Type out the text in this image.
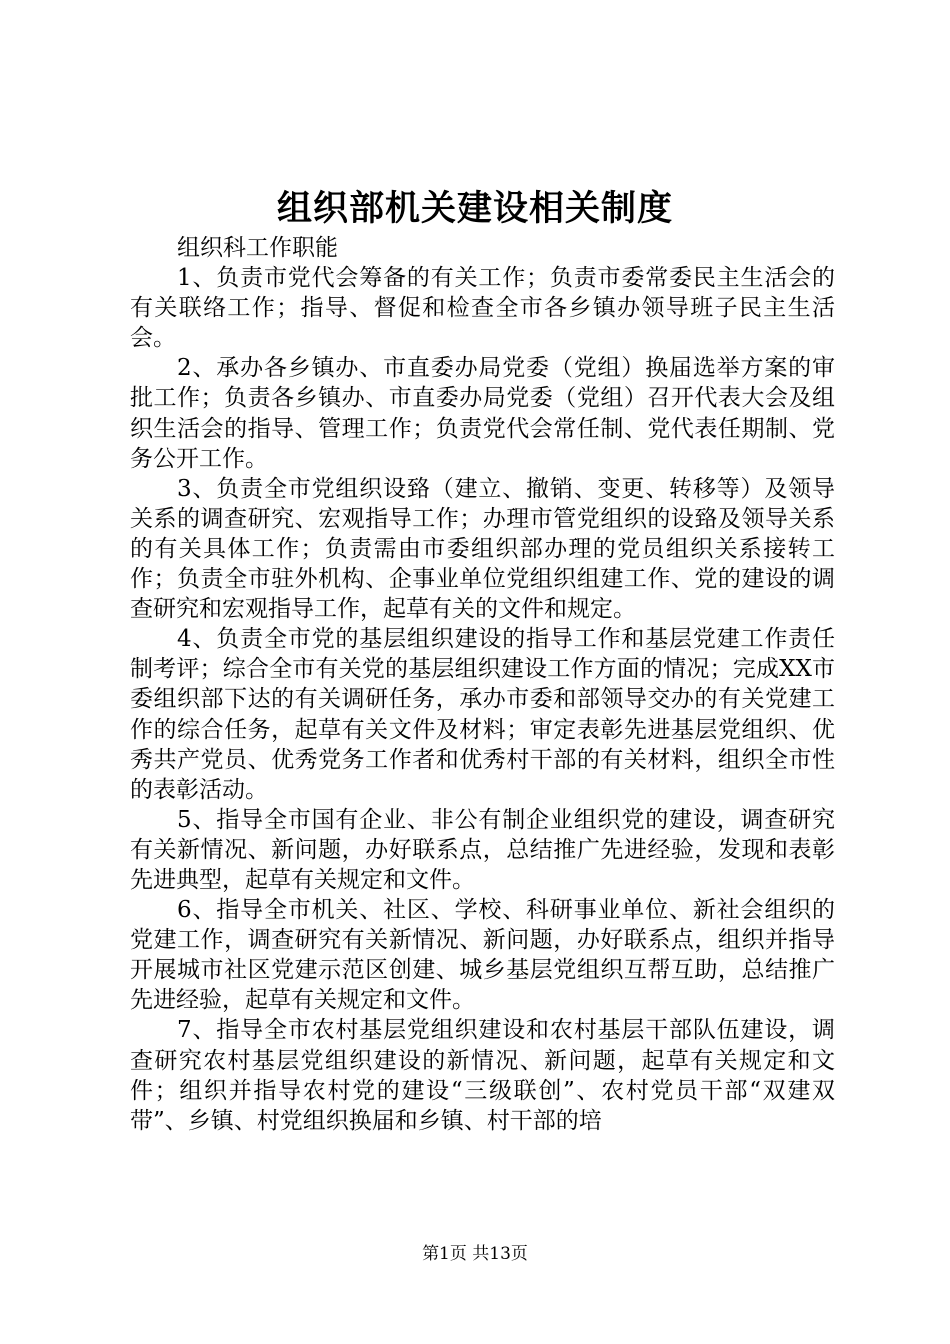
组织部机关建设相关制度

组织科工作职能

1、负责市党代会筹备的有关工作；负责市委常委民主生活会的有关联络工作；指导、督促和检查全市各乡镇办领导班子民主生活会。

2、承办各乡镇办、市直委办局党委（党组）换届选举方案的审批工作；负责各乡镇办、市直委办局党委（党组）召开代表大会及组织生活会的指导、管理工作；负责党代会常任制、党代表任期制、党务公开工作。

3、负责全市党组织设臵（建立、撤销、变更、转移等）及领导关系的调查研究、宏观指导工作；办理市管党组织的设臵及领导关系的有关具体工作；负责需由市委组织部办理的党员组织关系接转工作；负责全市驻外机构、企事业单位党组织组建工作、党的建设的调查研究和宏观指导工作，起草有关的文件和规定。

4、负责全市党的基层组织建设的指导工作和基层党建工作责任制考评；综合全市有关党的基层组织建设工作方面的情况；完成XX市委组织部下达的有关调研任务，承办市委和部领导交办的有关党建工作的综合任务，起草有关文件及材料；审定表彰先进基层党组织、优秀共产党员、优秀党务工作者和优秀村干部的有关材料，组织全市性的表彰活动。

5、指导全市国有企业、非公有制企业组织党的建设，调查研究有关新情况、新问题，办好联系点，总结推广先进经验，发现和表彰先进典型，起草有关规定和文件。

6、指导全市机关、社区、学校、科研事业单位、新社会组织的党建工作，调查研究有关新情况、新问题，办好联系点，组织并指导开展城市社区党建示范区创建、城乡基层党组织互帮互助，总结推广先进经验，起草有关规定和文件。

7、指导全市农村基层党组织建设和农村基层干部队伍建设，调查研究农村基层党组织建设的新情况、新问题，起草有关规定和文件；组织并指导农村党的建设“三级联创”、农村党员干部“双建双带”、乡镇、村党组织换届和乡镇、村干部的培

第1页 共13页
